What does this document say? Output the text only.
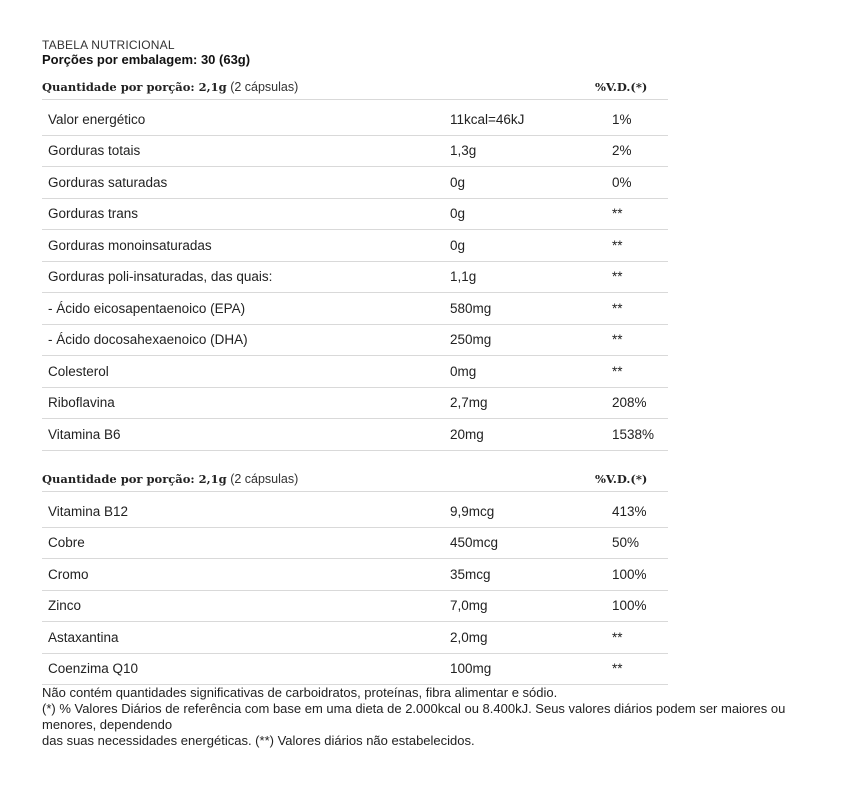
TABELA NUTRICIONAL
Porções por embalagem: 30 (63g)
Quantidade por porção: 2,1g (2 cápsulas)	%V.D.(*)
Valor energético	11kcal=46kJ	1%
Gorduras totais	1,3g	2%
Gorduras saturadas	0g	0%
Gorduras trans	0g	**
Gorduras monoinsaturadas	0g	**
Gorduras poli-insaturadas, das quais:	1,1g	**
- Ácido eicosapentaenoico (EPA)	580mg	**
- Ácido docosahexaenoico (DHA)	250mg	**
Colesterol	0mg	**
Riboflavina	2,7mg	208%
Vitamina B6	20mg	1538%
Quantidade por porção: 2,1g (2 cápsulas)	%V.D.(*)
Vitamina B12	9,9mcg	413%
Cobre	450mcg	50%
Cromo	35mcg	100%
Zinco	7,0mg	100%
Astaxantina	2,0mg	**
Coenzima Q10	100mg	**
Não contém quantidades significativas de carboidratos, proteínas, fibra alimentar e sódio.
(*) % Valores Diários de referência com base em uma dieta de 2.000kcal ou 8.400kJ. Seus valores diários podem ser maiores ou menores, dependendo
das suas necessidades energéticas. (**) Valores diários não estabelecidos.
